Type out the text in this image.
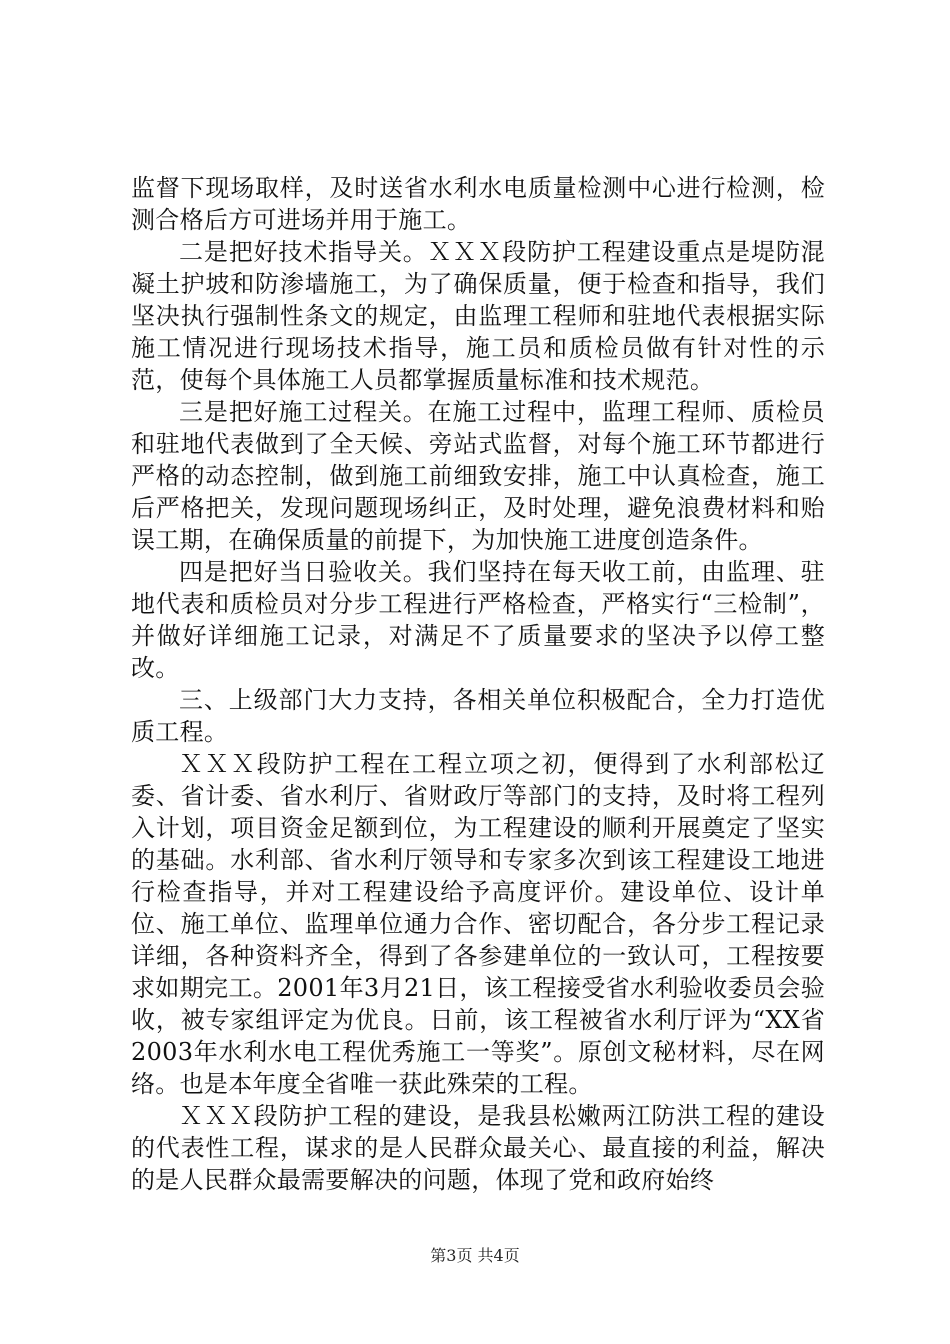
监督下现场取样，及时送省水利水电质量检测中心进行检测，检测合格后方可进场并用于施工。

二是把好技术指导关。ＸＸＸ段防护工程建设重点是堤防混凝土护坡和防渗墙施工，为了确保质量，便于检查和指导，我们坚决执行强制性条文的规定，由监理工程师和驻地代表根据实际施工情况进行现场技术指导，施工员和质检员做有针对性的示范，使每个具体施工人员都掌握质量标准和技术规范。

三是把好施工过程关。在施工过程中，监理工程师、质检员和驻地代表做到了全天候、旁站式监督，对每个施工环节都进行严格的动态控制，做到施工前细致安排，施工中认真检查，施工后严格把关，发现问题现场纠正，及时处理，避免浪费材料和贻误工期，在确保质量的前提下，为加快施工进度创造条件。

四是把好当日验收关。我们坚持在每天收工前，由监理、驻地代表和质检员对分步工程进行严格检查，严格实行“三检制”，并做好详细施工记录，对满足不了质量要求的坚决予以停工整改。

三、上级部门大力支持，各相关单位积极配合，全力打造优质工程。

ＸＸＸ段防护工程在工程立项之初，便得到了水利部松辽委、省计委、省水利厅、省财政厅等部门的支持，及时将工程列入计划，项目资金足额到位，为工程建设的顺利开展奠定了坚实的基础。水利部、省水利厅领导和专家多次到该工程建设工地进行检查指导，并对工程建设给予高度评价。建设单位、设计单位、施工单位、监理单位通力合作、密切配合，各分步工程记录详细，各种资料齐全，得到了各参建单位的一致认可，工程按要求如期完工。2001年3月21日，该工程接受省水利验收委员会验收，被专家组评定为优良。日前，该工程被省水利厅评为“XX省2003年水利水电工程优秀施工一等奖”。原创文秘材料，尽在网络。也是本年度全省唯一获此殊荣的工程。

ＸＸＸ段防护工程的建设，是我县松嫩两江防洪工程的建设的代表性工程，谋求的是人民群众最关心、最直接的利益，解决的是人民群众最需要解决的问题，体现了党和政府始终

第3页 共4页
